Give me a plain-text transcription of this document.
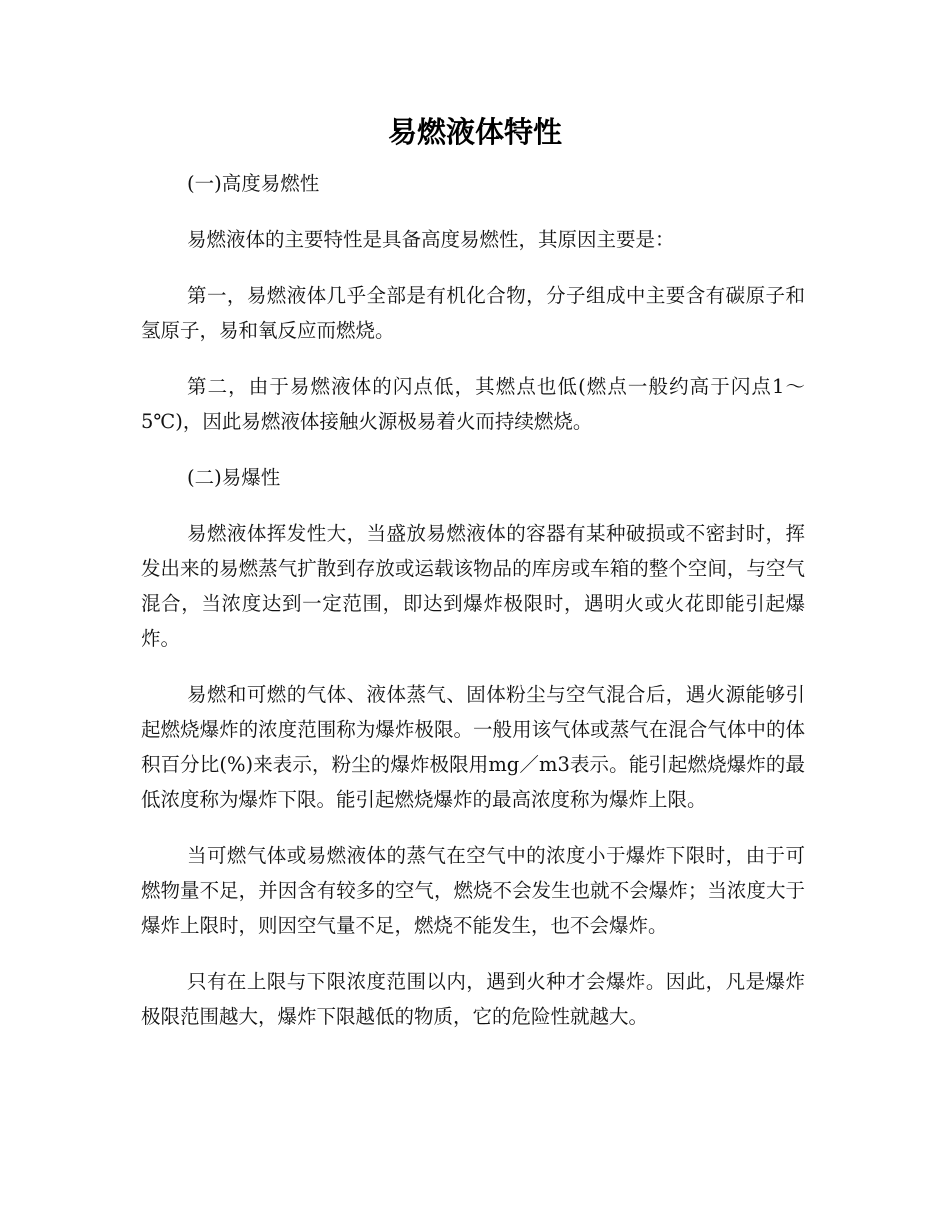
易燃液体特性

(一)高度易燃性

易燃液体的主要特性是具备高度易燃性，其原因主要是：

第一，易燃液体几乎全部是有机化合物，分子组成中主要含有碳原子和氢原子，易和氧反应而燃烧。

第二，由于易燃液体的闪点低，其燃点也低(燃点一般约高于闪点1～5℃)，因此易燃液体接触火源极易着火而持续燃烧。

(二)易爆性

易燃液体挥发性大，当盛放易燃液体的容器有某种破损或不密封时，挥发出来的易燃蒸气扩散到存放或运载该物品的库房或车箱的整个空间，与空气混合，当浓度达到一定范围，即达到爆炸极限时，遇明火或火花即能引起爆炸。

易燃和可燃的气体、液体蒸气、固体粉尘与空气混合后，遇火源能够引起燃烧爆炸的浓度范围称为爆炸极限。一般用该气体或蒸气在混合气体中的体积百分比(%)来表示，粉尘的爆炸极限用mg／m3表示。能引起燃烧爆炸的最低浓度称为爆炸下限。能引起燃烧爆炸的最高浓度称为爆炸上限。

当可燃气体或易燃液体的蒸气在空气中的浓度小于爆炸下限时，由于可燃物量不足，并因含有较多的空气，燃烧不会发生也就不会爆炸；当浓度大于爆炸上限时，则因空气量不足，燃烧不能发生，也不会爆炸。

只有在上限与下限浓度范围以内，遇到火种才会爆炸。因此，凡是爆炸极限范围越大，爆炸下限越低的物质，它的危险性就越大。
